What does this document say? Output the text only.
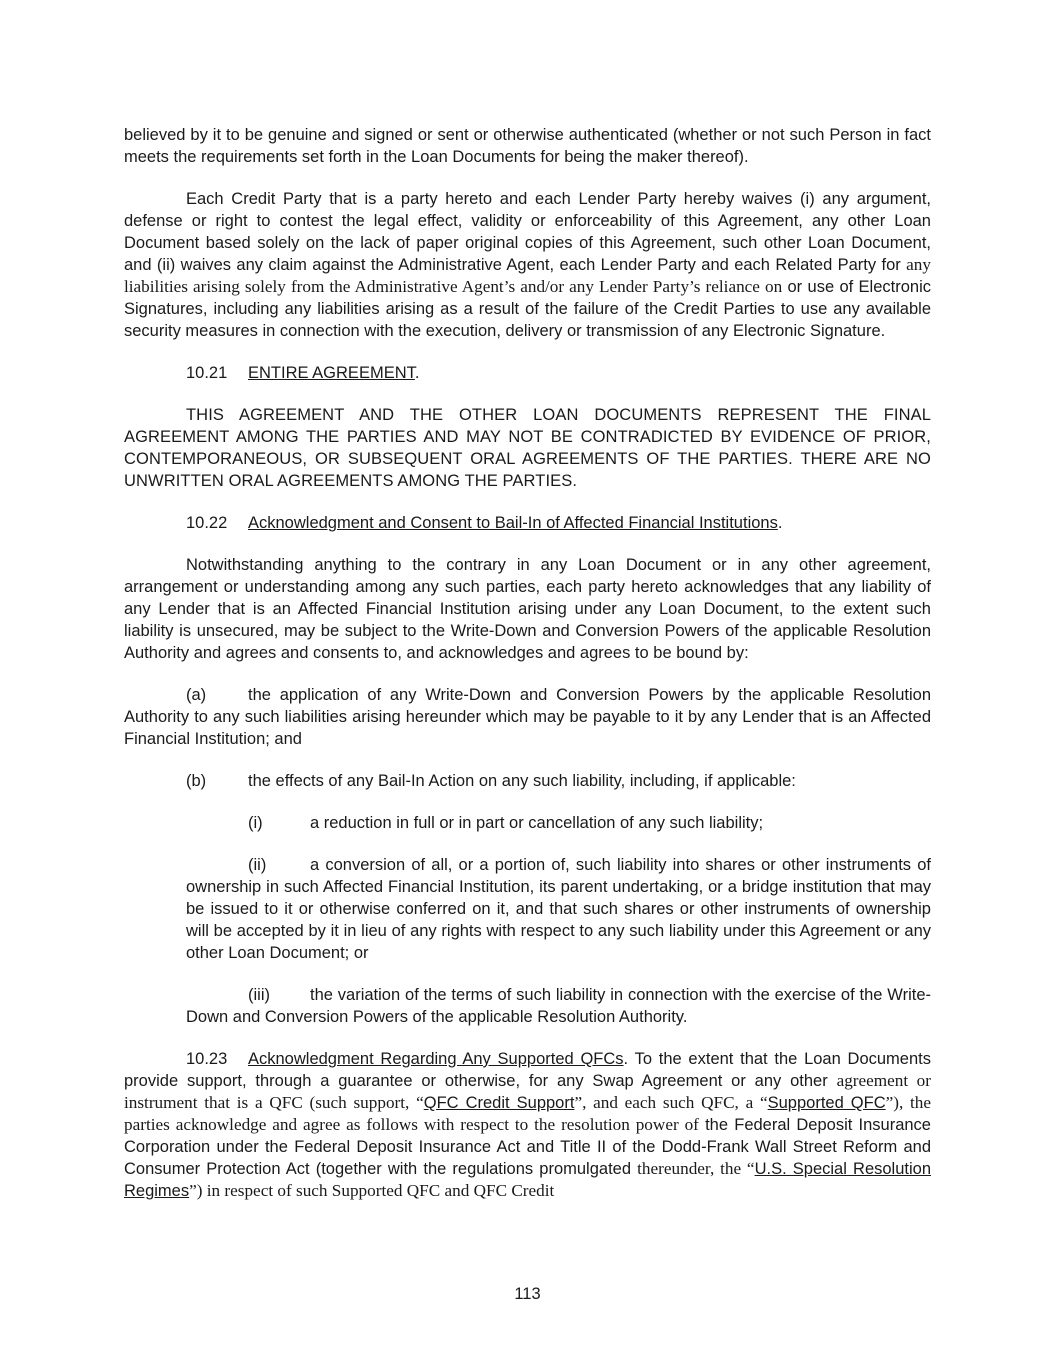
believed by it to be genuine and signed or sent or otherwise authenticated (whether or not such Person in fact meets the requirements set forth in the Loan Documents for being the maker thereof).

Each Credit Party that is a party hereto and each Lender Party hereby waives (i) any argument, defense or right to contest the legal effect, validity or enforceability of this Agreement, any other Loan Document based solely on the lack of paper original copies of this Agreement, such other Loan Document, and (ii) waives any claim against the Administrative Agent, each Lender Party and each Related Party for any liabilities arising solely from the Administrative Agent’s and/or any Lender Party’s reliance on or use of Electronic Signatures, including any liabilities arising as a result of the failure of the Credit Parties to use any available security measures in connection with the execution, delivery or transmission of any Electronic Signature.

10.21 ENTIRE AGREEMENT.

THIS AGREEMENT AND THE OTHER LOAN DOCUMENTS REPRESENT THE FINAL AGREEMENT AMONG THE PARTIES AND MAY NOT BE CONTRADICTED BY EVIDENCE OF PRIOR, CONTEMPORANEOUS, OR SUBSEQUENT ORAL AGREEMENTS OF THE PARTIES. THERE ARE NO UNWRITTEN ORAL AGREEMENTS AMONG THE PARTIES.

10.22 Acknowledgment and Consent to Bail-In of Affected Financial Institutions.

Notwithstanding anything to the contrary in any Loan Document or in any other agreement, arrangement or understanding among any such parties, each party hereto acknowledges that any liability of any Lender that is an Affected Financial Institution arising under any Loan Document, to the extent such liability is unsecured, may be subject to the Write-Down and Conversion Powers of the applicable Resolution Authority and agrees and consents to, and acknowledges and agrees to be bound by:

(a)	the application of any Write-Down and Conversion Powers by the applicable Resolution Authority to any such liabilities arising hereunder which may be payable to it by any Lender that is an Affected Financial Institution; and

(b)	the effects of any Bail-In Action on any such liability, including, if applicable:

(i)	a reduction in full or in part or cancellation of any such liability;

(ii)	a conversion of all, or a portion of, such liability into shares or other instruments of ownership in such Affected Financial Institution, its parent undertaking, or a bridge institution that may be issued to it or otherwise conferred on it, and that such shares or other instruments of ownership will be accepted by it in lieu of any rights with respect to any such liability under this Agreement or any other Loan Document; or

(iii) the variation of the terms of such liability in connection with the exercise of the Write-Down and Conversion Powers of the applicable Resolution Authority.

10.23 Acknowledgment Regarding Any Supported QFCs. To the extent that the Loan Documents provide support, through a guarantee or otherwise, for any Swap Agreement or any other agreement or instrument that is a QFC (such support, “QFC Credit Support”, and each such QFC, a “Supported QFC”), the parties acknowledge and agree as follows with respect to the resolution power of the Federal Deposit Insurance Corporation under the Federal Deposit Insurance Act and Title II of the Dodd-Frank Wall Street Reform and Consumer Protection Act (together with the regulations promulgated thereunder, the “U.S. Special Resolution Regimes”) in respect of such Supported QFC and QFC Credit

113
